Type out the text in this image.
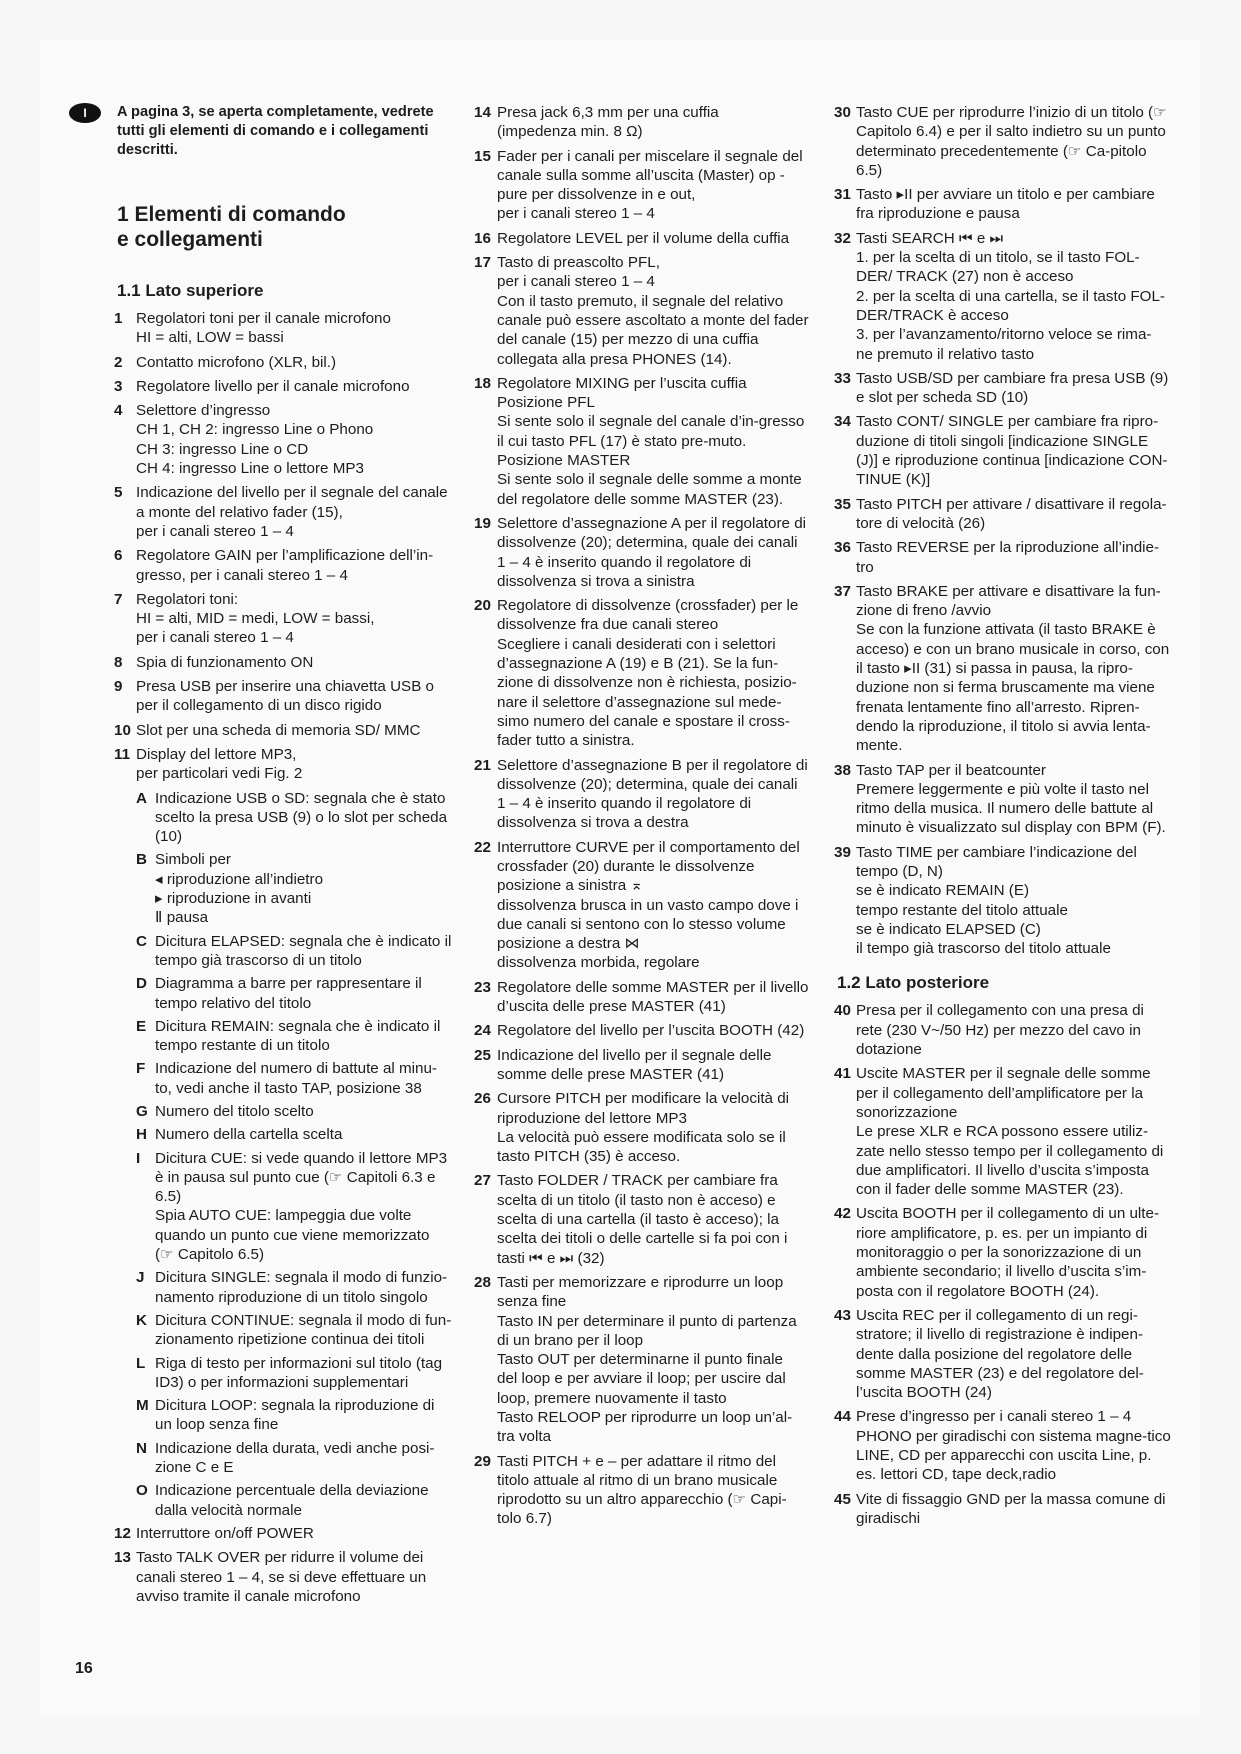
I	A pagina 3, se aperta completamente, vedrete tutti gli elementi di comando e i collegamenti descritti.

1 Elementi di comando
e collegamenti
1.1 Lato superiore
1 Regolatori toni per il canale microfono
HI = alti, LOW = bassi
2 Contatto microfono (XLR, bil.)
3 Regolatore livello per il canale microfono
4 Selettore d’ingresso
CH 1, CH 2: ingresso Line o Phono
CH 3: ingresso Line o CD
CH 4: ingresso Line o lettore MP3
5 Indicazione del livello per il segnale del canale a monte del relativo fader (15),
per i canali stereo 1 – 4
6 Regolatore GAIN per l’amplificazione dell’in-gresso, per i canali stereo 1 – 4
7 Regolatori toni:
HI = alti, MID = medi, LOW = bassi,
per i canali stereo 1 – 4
8 Spia di funzionamento ON
9 Presa USB per inserire una chiavetta USB o per il collegamento di un disco rigido
10 Slot per una scheda di memoria SD/ MMC
11 Display del lettore MP3,
per particolari vedi Fig. 2
A Indicazione USB o SD: segnala che è stato scelto la presa USB (9) o lo slot per scheda (10)
B Simboli per
◂ riproduzione all’indietro
▸ riproduzione in avanti
Ⅱ pausa
C Dicitura ELAPSED: segnala che è indicato il tempo già trascorso di un titolo
D Diagramma a barre per rappresentare il tempo relativo del titolo
E Dicitura REMAIN: segnala che è indicato il tempo restante di un titolo
F Indicazione del numero di battute al minu-to, vedi anche il tasto TAP, posizione 38
G Numero del titolo scelto
H Numero della cartella scelta
I Dicitura CUE: si vede quando il lettore MP3 è in pausa sul punto cue (☞ Capitoli 6.3 e 6.5)
Spia AUTO CUE: lampeggia due volte quando un punto cue viene memorizzato (☞ Capitolo 6.5)
J Dicitura SINGLE: segnala il modo di funzio-namento riproduzione di un titolo singolo
K Dicitura CONTINUE: segnala il modo di fun-zionamento ripetizione continua dei titoli
L Riga di testo per informazioni sul titolo (tag ID3) o per informazioni supplementari
M Dicitura LOOP: segnala la riproduzione di un loop senza fine
N Indicazione della durata, vedi anche posi-zione C e E
O Indicazione percentuale della deviazione dalla velocità normale
12 Interruttore on/off POWER
13 Tasto TALK OVER per ridurre il volume dei canali stereo 1 – 4, se si deve effettuare un avviso tramite il canale microfono
14 Presa jack 6,3 mm per una cuffia
(impedenza min. 8 Ω)
15 Fader per i canali per miscelare il segnale del canale sulla somme all’uscita (Master) op -pure per dissolvenze in e out,
per i canali stereo 1 – 4
16 Regolatore LEVEL per il volume della cuffia
17 Tasto di preascolto PFL,
per i canali stereo 1 – 4
Con il tasto premuto, il segnale del relativo canale può essere ascoltato a monte del fader del canale (15) per mezzo di una cuffia collegata alla presa PHONES (14).
18 Regolatore MIXING per l’uscita cuffia
Posizione PFL
Si sente solo il segnale del canale d’in-gresso il cui tasto PFL (17) è stato pre-muto.
Posizione MASTER
Si sente solo il segnale delle somme a monte del regolatore delle somme MASTER (23).
19 Selettore d’assegnazione A per il regolatore di dissolvenze (20); determina, quale dei canali 1 – 4 è inserito quando il regolatore di dissolvenza si trova a sinistra
20 Regolatore di dissolvenze (crossfader) per le dissolvenze fra due canali stereo
Scegliere i canali desiderati con i selettori d’assegnazione A (19) e B (21). Se la fun-zione di dissolvenze non è richiesta, posizio-nare il selettore d’assegnazione sul mede-simo numero del canale e spostare il cross-fader tutto a sinistra.
21 Selettore d’assegnazione B per il regolatore di dissolvenze (20); determina, quale dei canali 1 – 4 è inserito quando il regolatore di dissolvenza si trova a destra
22 Interruttore CURVE per il comportamento del crossfader (20) durante le dissolvenze
posizione a sinistra ⌅
dissolvenza brusca in un vasto campo dove i due canali si sentono con lo stesso volume
posizione a destra ⋈
dissolvenza morbida, regolare
23 Regolatore delle somme MASTER per il livello d’uscita delle prese MASTER (41)
24 Regolatore del livello per l’uscita BOOTH (42)
25 Indicazione del livello per il segnale delle somme delle prese MASTER (41)
26 Cursore PITCH per modificare la velocità di riproduzione del lettore MP3
La velocità può essere modificata solo se il tasto PITCH (35) è acceso.
27 Tasto FOLDER / TRACK per cambiare fra scelta di un titolo (il tasto non è acceso) e scelta di una cartella (il tasto è acceso); la scelta dei titoli o delle cartelle si fa poi con i tasti ⏮ e ⏭ (32)
28 Tasti per memorizzare e riprodurre un loop senza fine
Tasto IN per determinare il punto di partenza
di un brano per il loop
Tasto OUT per determinarne il punto finale
del loop e per avviare il loop; per uscire dal
loop, premere nuovamente il tasto
Tasto RELOOP per riprodurre un loop un’al-
tra volta
29 Tasti PITCH + e – per adattare il ritmo del titolo attuale al ritmo di un brano musicale riprodotto su un altro apparecchio (☞ Capi-tolo 6.7)
30 Tasto CUE per riprodurre l’inizio di un titolo (☞ Capitolo 6.4) e per il salto indietro su un punto determinato precedentemente (☞ Ca-pitolo 6.5)
31 Tasto ▸II per avviare un titolo e per cambiare fra riproduzione e pausa
32 Tasti SEARCH ⏮ e ⏭
1. per la scelta di un titolo, se il tasto FOL-
DER/ TRACK (27) non è acceso
2. per la scelta di una cartella, se il tasto FOL-
DER/TRACK è acceso
3. per l’avanzamento/ritorno veloce se rima-
ne premuto il relativo tasto
33 Tasto USB/SD per cambiare fra presa USB (9) e slot per scheda SD (10)
34 Tasto CONT/ SINGLE per cambiare fra ripro-duzione di titoli singoli [indicazione SINGLE (J)] e riproduzione continua [indicazione CON-TINUE (K)]
35 Tasto PITCH per attivare / disattivare il regola-tore di velocità (26)
36 Tasto REVERSE per la riproduzione all’indie-tro
37 Tasto BRAKE per attivare e disattivare la fun-zione di freno /avvio
Se con la funzione attivata (il tasto BRAKE è acceso) e con un brano musicale in corso, con il tasto ▸II (31) si passa in pausa, la ripro-duzione non si ferma bruscamente ma viene frenata lentamente fino all’arresto. Ripren-dendo la riproduzione, il titolo si avvia lenta-mente.
38 Tasto TAP per il beatcounter
Premere leggermente e più volte il tasto nel ritmo della musica. Il numero delle battute al minuto è visualizzato sul display con BPM (F).
39 Tasto TIME per cambiare l’indicazione del tempo (D, N)
se è indicato REMAIN (E)
tempo restante del titolo attuale
se è indicato ELAPSED (C)
il tempo già trascorso del titolo attuale
1.2 Lato posteriore
40 Presa per il collegamento con una presa di rete (230 V~/50 Hz) per mezzo del cavo in dotazione
41 Uscite MASTER per il segnale delle somme per il collegamento dell’amplificatore per la sonorizzazione
Le prese XLR e RCA possono essere utiliz-zate nello stesso tempo per il collegamento di due amplificatori. Il livello d’uscita s’imposta con il fader delle somme MASTER (23).
42 Uscita BOOTH per il collegamento di un ulte-riore amplificatore, p. es. per un impianto di monitoraggio o per la sonorizzazione di un ambiente secondario; il livello d’uscita s’im-posta con il regolatore BOOTH (24).
43 Uscita REC per il collegamento di un regi-stratore; il livello di registrazione è indipen-dente dalla posizione del regolatore delle somme MASTER (23) e del regolatore del-l’uscita BOOTH (24)
44 Prese d’ingresso per i canali stereo 1 – 4
PHONO per giradischi con sistema magne-tico
LINE, CD per apparecchi con uscita Line, p. es. lettori CD, tape deck,radio
45 Vite di fissaggio GND per la massa comune di giradischi
16
